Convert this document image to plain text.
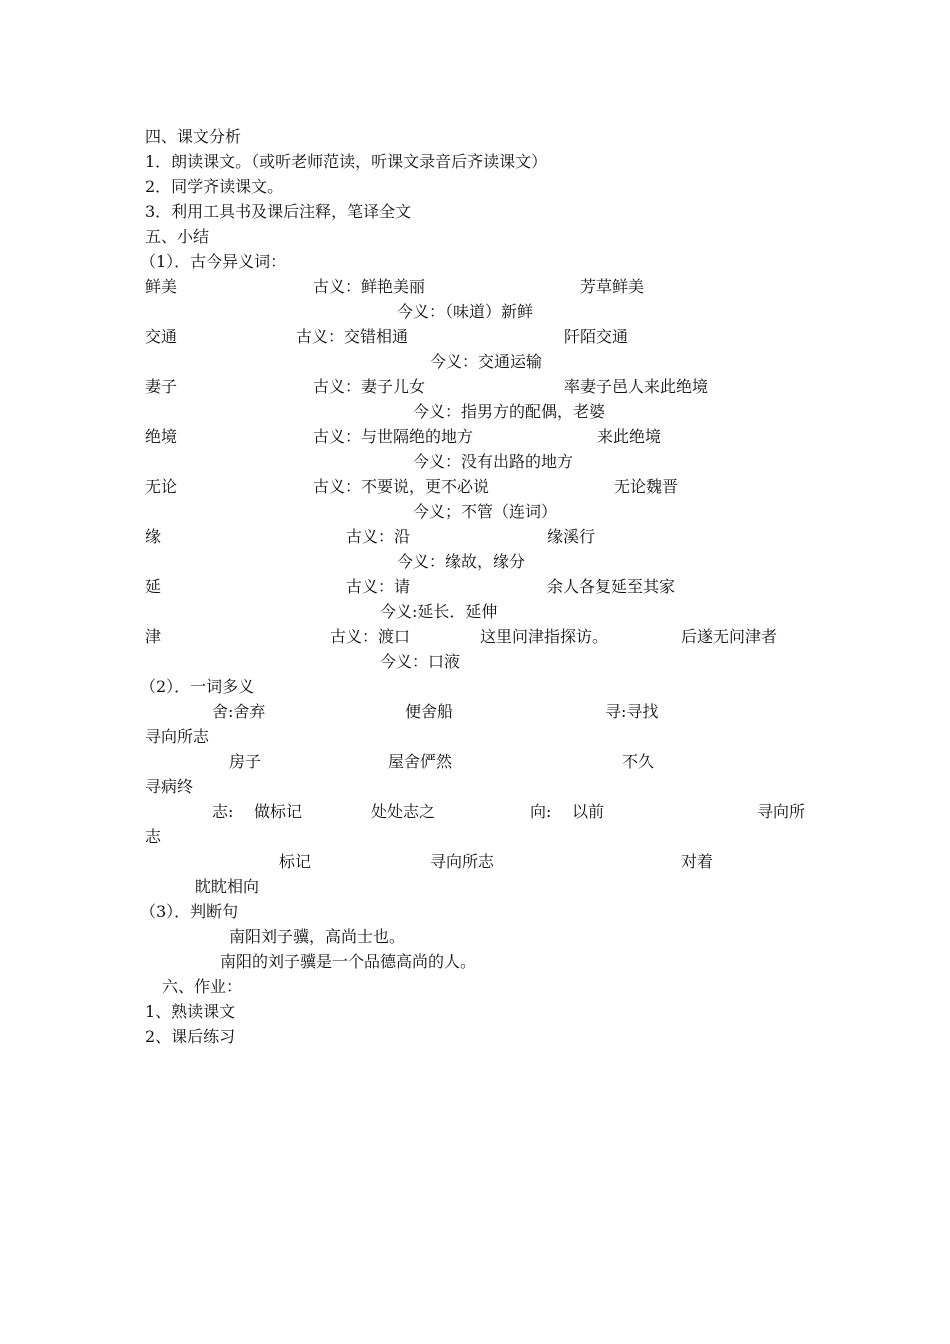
四、课文分析
1．朗读课文。（或听老师范读，听课文录音后齐读课文）
2．同学齐读课文。
3．利用工具书及课后注释，笔译全文
五、小结
（1）．古今异义词：
鲜美	古义：鲜艳美丽	芳草鲜美
今义：（味道）新鲜
交通	古义：交错相通	阡陌交通
今义：交通运输
妻子	古义：妻子儿女	率妻子邑人来此绝境
今义：指男方的配偶，老婆
绝境	古义：与世隔绝的地方	来此绝境
今义：没有出路的地方
无论	古义：不要说，更不必说	无论魏晋
今义；不管（连词）
缘	古义：沿	缘溪行
今义：缘故，缘分
延	古义：请	余人各复延至其家
今义:延长．延伸
津	古义：渡口	这里问津指探访。	后遂无问津者
今义：口液
（2）．一词多义
舍:舍弃	便舍船	寻:寻找
寻向所志
房子	屋舍俨然	不久
寻病终
志: 做标记	处处志之	向: 以前	寻向所
志
标记	寻向所志	对着
眈眈相向
（3）．判断句
南阳刘子骥，高尚士也。
南阳的刘子骥是一个品德高尚的人。
六、作业：
1、熟读课文
2、课后练习
